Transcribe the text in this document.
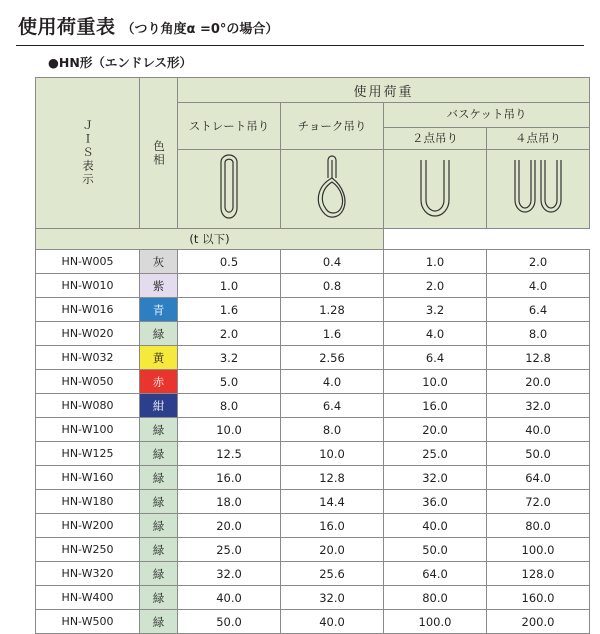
使用荷重表 （つり角度α =0°の場合）
●HN形（エンドレス形）
ＪＩＳ表示	色相	使用荷重			

		ストレート吊り	チョーク吊り	バスケット吊り	
				２点吊り	４点吊り

(t 以下)					
HN-W005	灰	0.5	0.4	1.0	2.0
HN-W010	紫	1.0	0.8	2.0	4.0
HN-W016	青	1.6	1.28	3.2	6.4
HN-W020	緑	2.0	1.6	4.0	8.0
HN-W032	黄	3.2	2.56	6.4	12.8
HN-W050	赤	5.0	4.0	10.0	20.0
HN-W080	紺	8.0	6.4	16.0	32.0
HN-W100	緑	10.0	8.0	20.0	40.0
HN-W125	緑	12.5	10.0	25.0	50.0
HN-W160	緑	16.0	12.8	32.0	64.0
HN-W180	緑	18.0	14.4	36.0	72.0
HN-W200	緑	20.0	16.0	40.0	80.0
HN-W250	緑	25.0	20.0	50.0	100.0
HN-W320	緑	32.0	25.6	64.0	128.0
HN-W400	緑	40.0	32.0	80.0	160.0
HN-W500	緑	50.0	40.0	100.0	200.0
